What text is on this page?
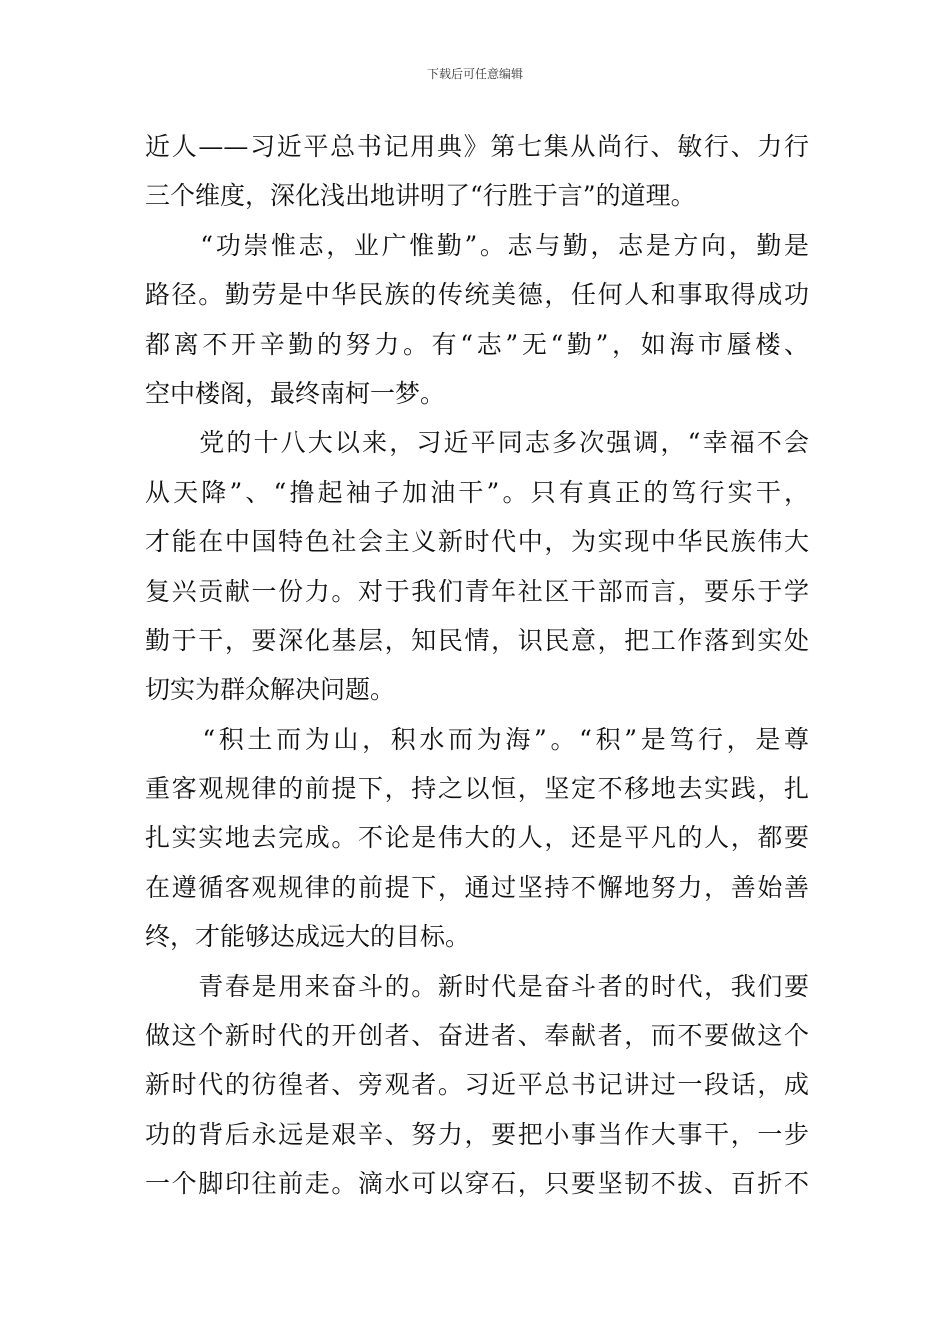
下载后可任意编辑
近人——习近平总书记用典》第七集从尚行、敏行、力行
三个维度，深化浅出地讲明了“行胜于言”的道理。
　　“功崇惟志，业广惟勤”。志与勤，志是方向，勤是
路径。勤劳是中华民族的传统美德，任何人和事取得成功
都离不开辛勤的努力。有“志”无“勤”，如海市蜃楼、
空中楼阁，最终南柯一梦。
　　党的十八大以来，习近平同志多次强调，“幸福不会
从天降”、“撸起袖子加油干”。只有真正的笃行实干，
才能在中国特色社会主义新时代中，为实现中华民族伟大
复兴贡献一份力。对于我们青年社区干部而言，要乐于学
勤于干，要深化基层，知民情，识民意，把工作落到实处
切实为群众解决问题。
　　“积土而为山，积水而为海”。“积”是笃行，是尊
重客观规律的前提下，持之以恒，坚定不移地去实践，扎
扎实实地去完成。不论是伟大的人，还是平凡的人，都要
在遵循客观规律的前提下，通过坚持不懈地努力，善始善
终，才能够达成远大的目标。
　　青春是用来奋斗的。新时代是奋斗者的时代，我们要
做这个新时代的开创者、奋进者、奉献者，而不要做这个
新时代的彷徨者、旁观者。习近平总书记讲过一段话，成
功的背后永远是艰辛、努力，要把小事当作大事干，一步
一个脚印往前走。滴水可以穿石，只要坚韧不拔、百折不
